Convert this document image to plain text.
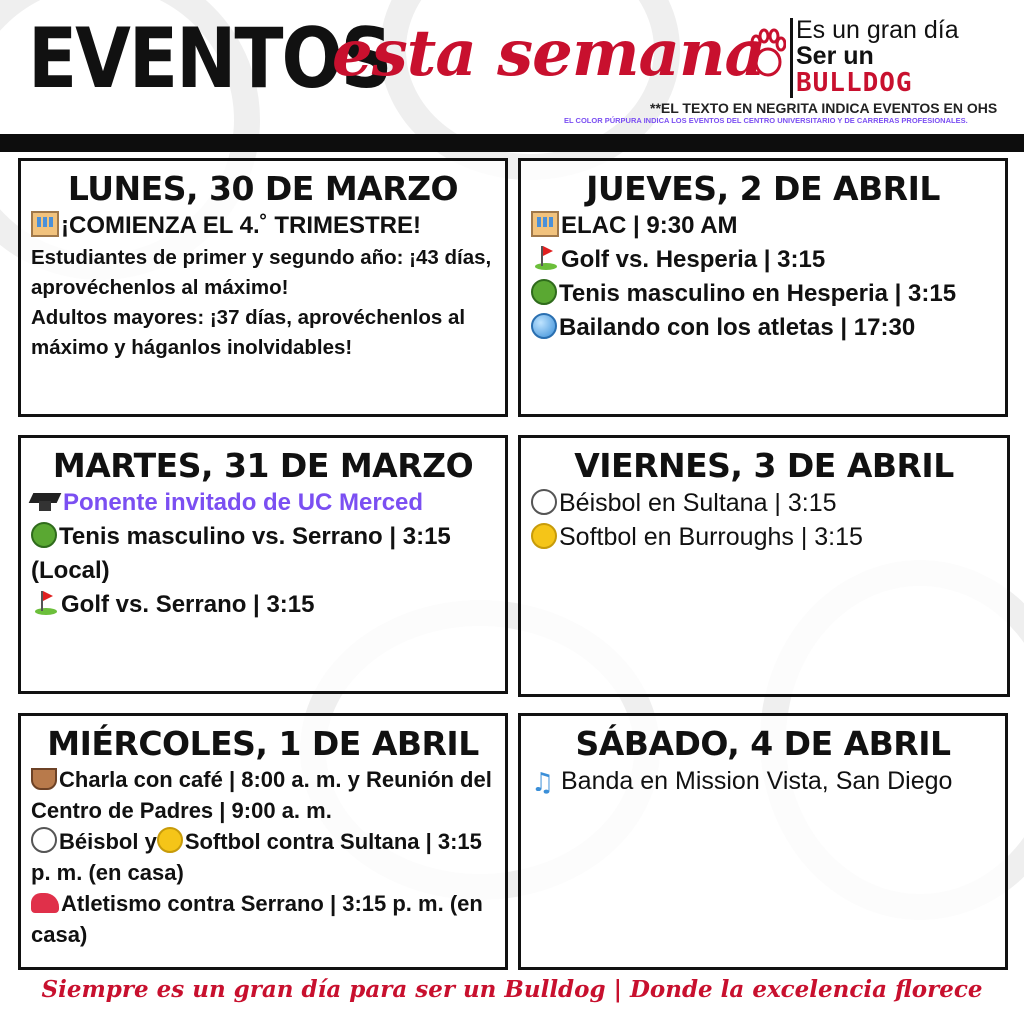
EVENTOS
esta semana Es un gran día
Ser un
BULLDOG
**EL TEXTO EN NEGRITA INDICA EVENTOS EN OHS
EL COLOR PÚRPURA INDICA LOS EVENTOS DEL CENTRO UNIVERSITARIO Y DE CARRERAS PROFESIONALES.
LUNES, 30 DE MARZO
¡COMIENZA EL 4.˚ TRIMESTRE!
Estudiantes de primer y segundo año: ¡43 días, aprovéchenlos al máximo!
Adultos mayores: ¡37 días, aprovéchenlos al máximo y háganlos inolvidables!
JUEVES, 2 DE ABRIL
ELAC | 9:30 AM
Golf vs. Hesperia | 3:15
Tenis masculino en Hesperia | 3:15
Bailando con los atletas | 17:30
MARTES, 31 DE MARZO
Ponente invitado de UC Merced
Tenis masculino vs. Serrano | 3:15 (Local)
Golf vs. Serrano | 3:15
VIERNES, 3 DE ABRIL
Béisbol en Sultana | 3:15
Softbol en Burroughs | 3:15
MIÉRCOLES, 1 DE ABRIL
Charla con café | 8:00 a. m. y Reunión del Centro de Padres | 9:00 a. m.
Béisbol y Softbol contra Sultana | 3:15 p. m. (en casa)
Atletismo contra Serrano | 3:15 p. m. (en casa)
SÁBADO, 4 DE ABRIL
♫ Banda en Mission Vista, San Diego
Siempre es un gran día para ser un Bulldog | Donde la excelencia florece
